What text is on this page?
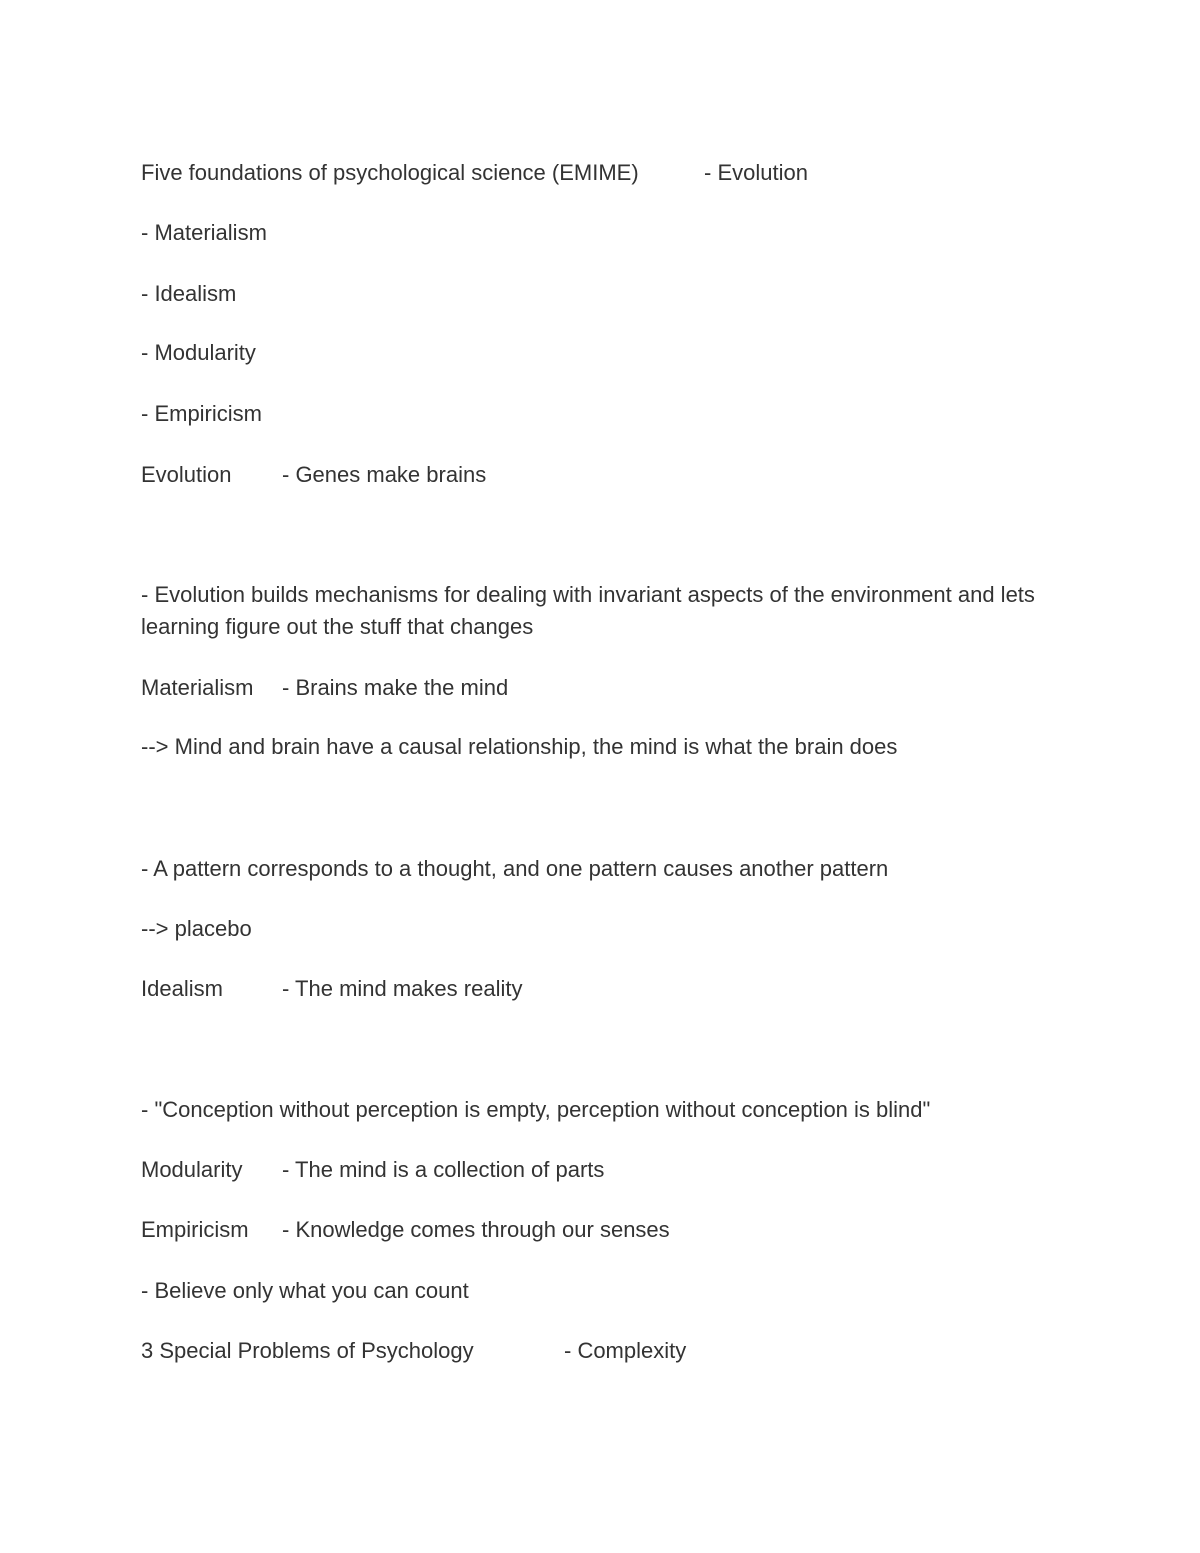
Five foundations of psychological science (EMIME)	- Evolution
- Materialism
- Idealism
- Modularity
- Empiricism
Evolution - Genes make brains
- Evolution builds mechanisms for dealing with invariant aspects of the environment and lets learning figure out the stuff that changes
Materialism - Brains make the mind
--> Mind and brain have a causal relationship, the mind is what the brain does
- A pattern corresponds to a thought, and one pattern causes another pattern
--> placebo
Idealism	- The mind makes reality
- "Conception without perception is empty, perception without conception is blind"
Modularity - The mind is a collection of parts
Empiricism - Knowledge comes through our senses
- Believe only what you can count
3 Special Problems of Psychology	- Complexity
